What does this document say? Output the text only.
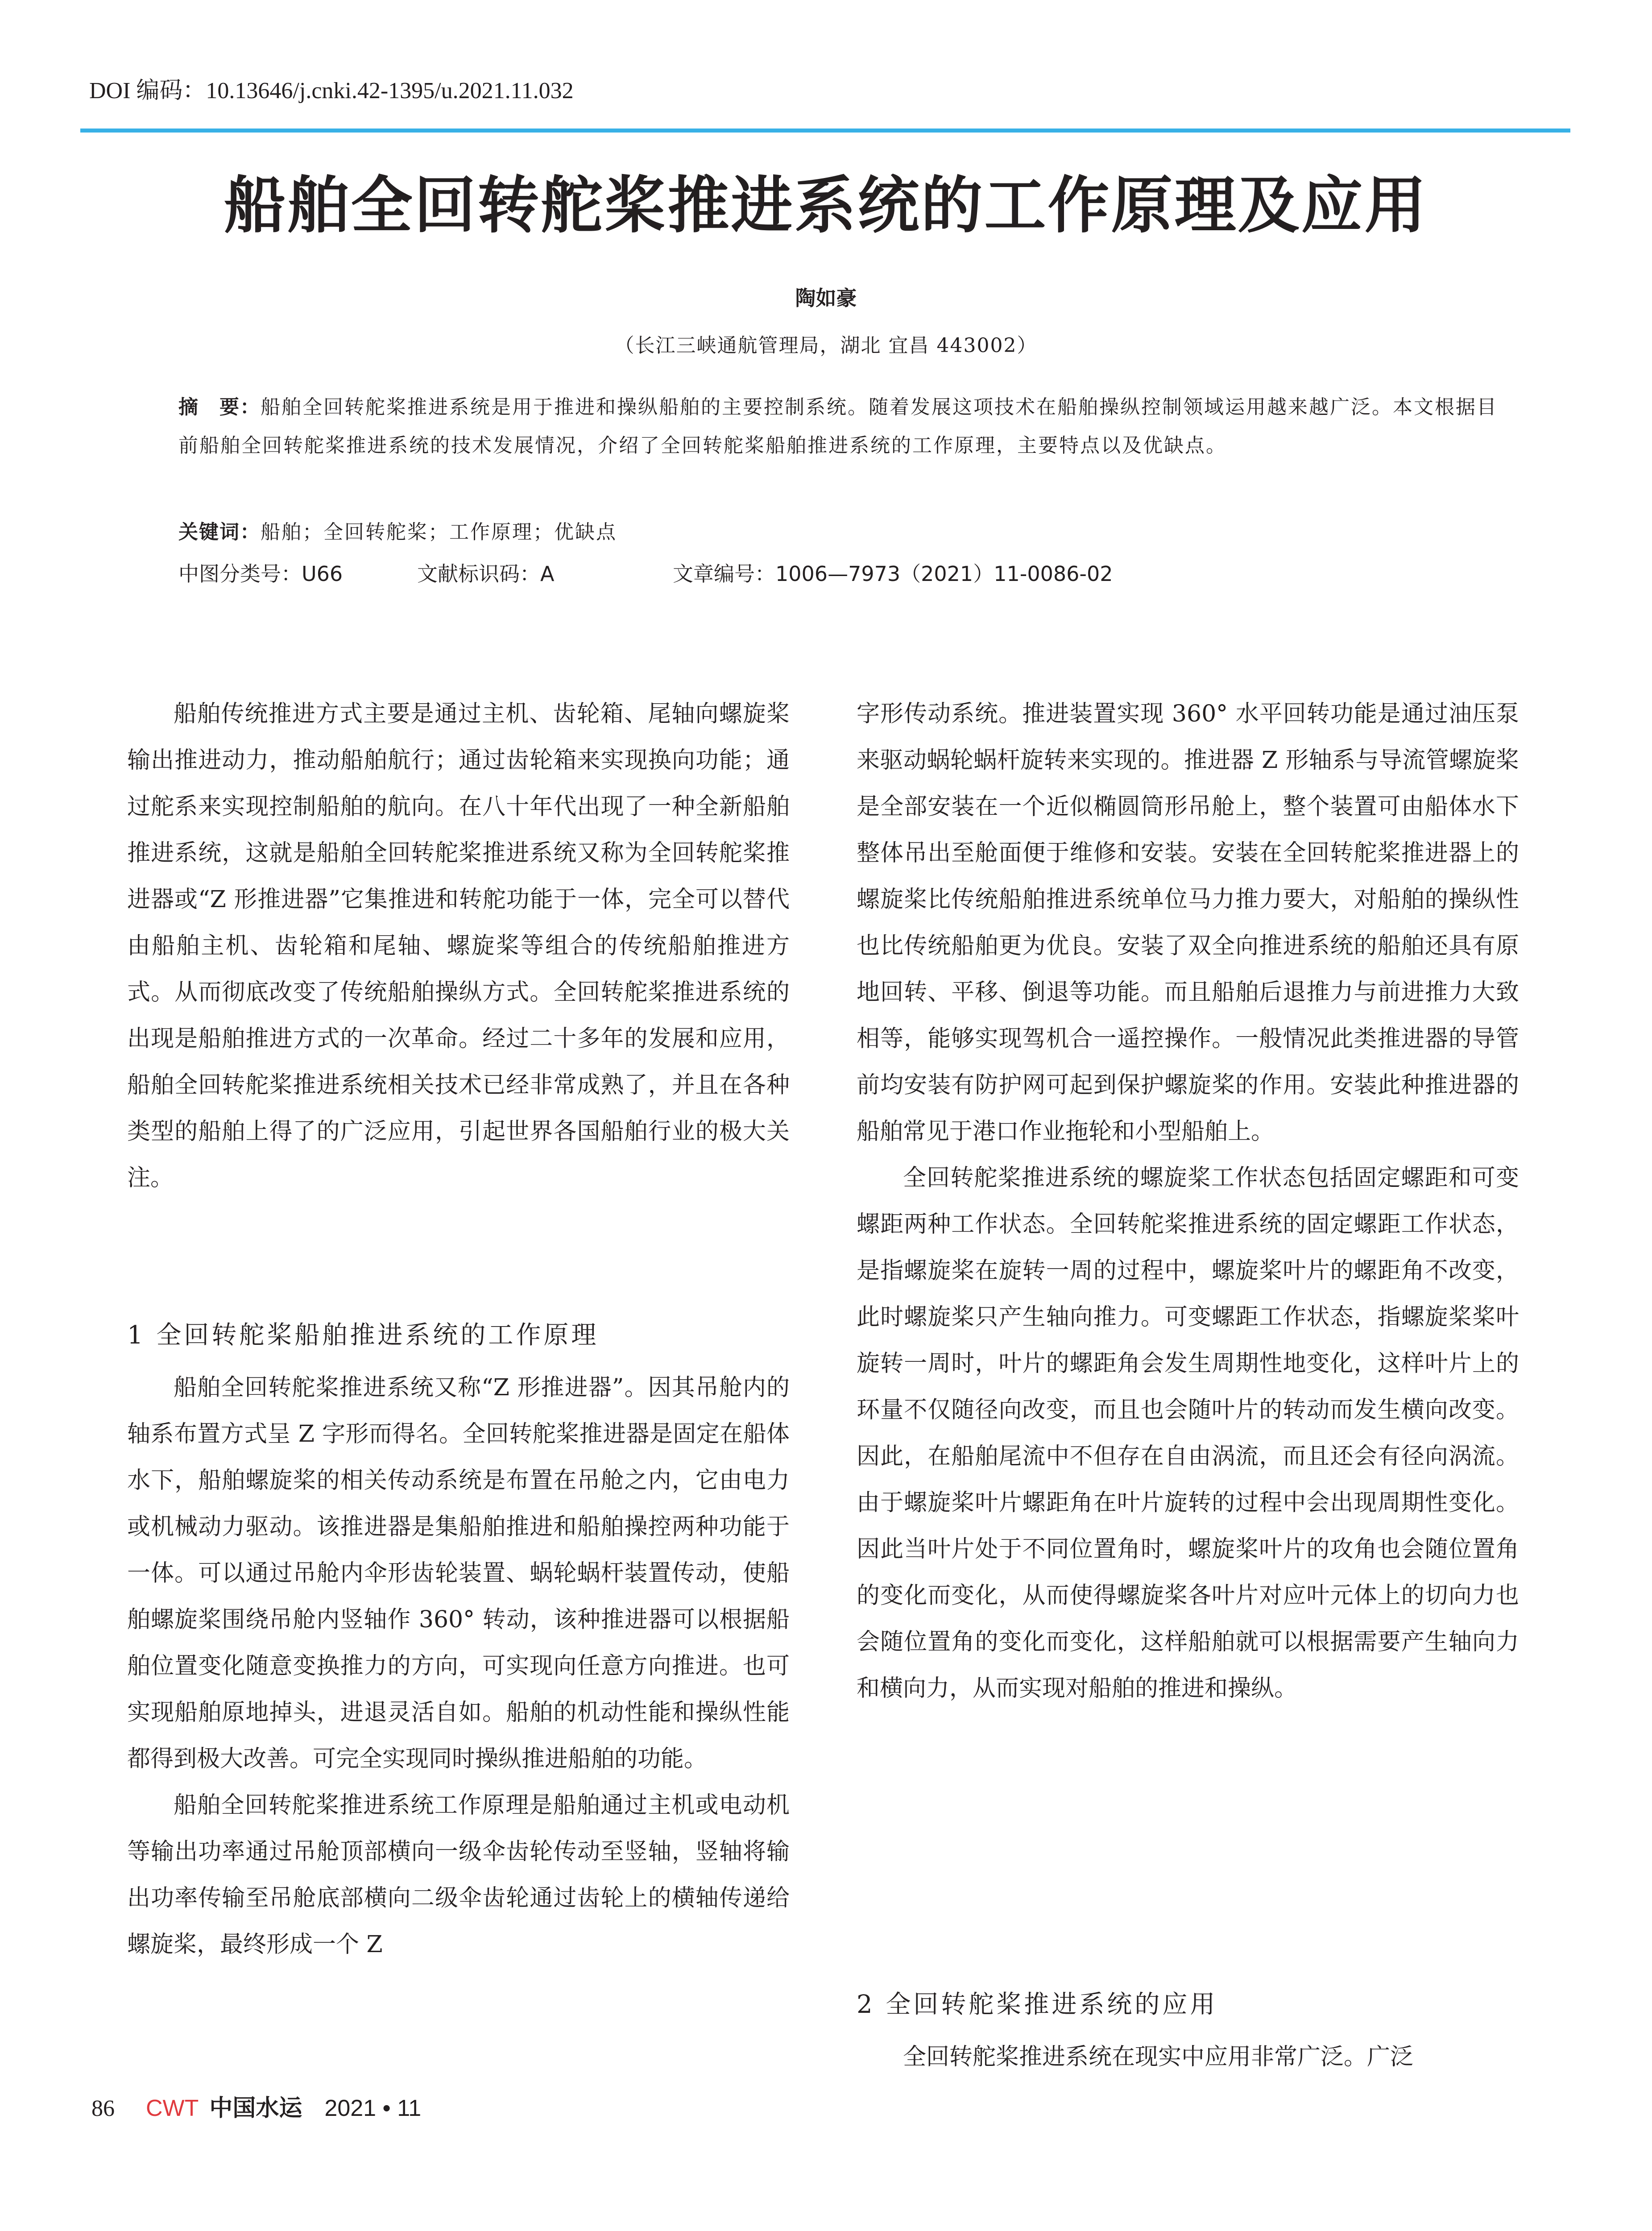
DOI 编码：10.13646/j.cnki.42-1395/u.2021.11.032
船舶全回转舵桨推进系统的工作原理及应用
陶如豪
（长江三峡通航管理局，湖北 宜昌 443002）
摘　要：船舶全回转舵桨推进系统是用于推进和操纵船舶的主要控制系统。随着发展这项技术在船舶操纵控制领域运用越来越广泛。本文根据目前船舶全回转舵桨推进系统的技术发展情况，介绍了全回转舵桨船舶推进系统的工作原理，主要特点以及优缺点。
关键词：船舶；全回转舵桨；工作原理；优缺点
中图分类号：U66	文献标识码：A	文章编号：1006—7973（2021）11-0086-02

船舶传统推进方式主要是通过主机、齿轮箱、尾轴向螺旋桨输出推进动力，推动船舶航行；通过齿轮箱来实现换向功能；通过舵系来实现控制船舶的航向。在八十年代出现了一种全新船舶推进系统，这就是船舶全回转舵桨推进系统又称为全回转舵桨推进器或“Z 形推进器”它集推进和转舵功能于一体，完全可以替代由船舶主机、齿轮箱和尾轴、螺旋桨等组合的传统船舶推进方式。从而彻底改变了传统船舶操纵方式。全回转舵桨推进系统的出现是船舶推进方式的一次革命。经过二十多年的发展和应用，船舶全回转舵桨推进系统相关技术已经非常成熟了，并且在各种类型的船舶上得了的广泛应用，引起世界各国船舶行业的极大关注。

1 全回转舵桨船舶推进系统的工作原理

船舶全回转舵桨推进系统又称“Z 形推进器”。因其吊舱内的轴系布置方式呈 Z 字形而得名。全回转舵桨推进器是固定在船体水下，船舶螺旋桨的相关传动系统是布置在吊舱之内，它由电力或机械动力驱动。该推进器是集船舶推进和船舶操控两种功能于一体。可以通过吊舱内伞形齿轮装置、蜗轮蜗杆装置传动，使船舶螺旋桨围绕吊舱内竖轴作 360° 转动，该种推进器可以根据船舶位置变化随意变换推力的方向，可实现向任意方向推进。也可实现船舶原地掉头，进退灵活自如。船舶的机动性能和操纵性能都得到极大改善。可完全实现同时操纵推进船舶的功能。

船舶全回转舵桨推进系统工作原理是船舶通过主机或电动机等输出功率通过吊舱顶部横向一级伞齿轮传动至竖轴，竖轴将输出功率传输至吊舱底部横向二级伞齿轮通过齿轮上的横轴传递给螺旋桨，最终形成一个 Z

字形传动系统。推进装置实现 360° 水平回转功能是通过油压泵来驱动蜗轮蜗杆旋转来实现的。推进器 Z 形轴系与导流管螺旋桨是全部安装在一个近似椭圆筒形吊舱上，整个装置可由船体水下整体吊出至舱面便于维修和安装。安装在全回转舵桨推进器上的螺旋桨比传统船舶推进系统单位马力推力要大，对船舶的操纵性也比传统船舶更为优良。安装了双全向推进系统的船舶还具有原地回转、平移、倒退等功能。而且船舶后退推力与前进推力大致相等，能够实现驾机合一遥控操作。一般情况此类推进器的导管前均安装有防护网可起到保护螺旋桨的作用。安装此种推进器的船舶常见于港口作业拖轮和小型船舶上。

全回转舵桨推进系统的螺旋桨工作状态包括固定螺距和可变螺距两种工作状态。全回转舵桨推进系统的固定螺距工作状态，是指螺旋桨在旋转一周的过程中，螺旋桨叶片的螺距角不改变，此时螺旋桨只产生轴向推力。可变螺距工作状态，指螺旋桨桨叶旋转一周时，叶片的螺距角会发生周期性地变化，这样叶片上的环量不仅随径向改变，而且也会随叶片的转动而发生横向改变。因此，在船舶尾流中不但存在自由涡流，而且还会有径向涡流。由于螺旋桨叶片螺距角在叶片旋转的过程中会出现周期性变化。因此当叶片处于不同位置角时，螺旋桨叶片的攻角也会随位置角的变化而变化，从而使得螺旋桨各叶片对应叶元体上的切向力也会随位置角的变化而变化，这样船舶就可以根据需要产生轴向力和横向力，从而实现对船舶的推进和操纵。

2 全回转舵桨推进系统的应用

全回转舵桨推进系统在现实中应用非常广泛。广泛

86 CWT 中国水运 2021 • 11
